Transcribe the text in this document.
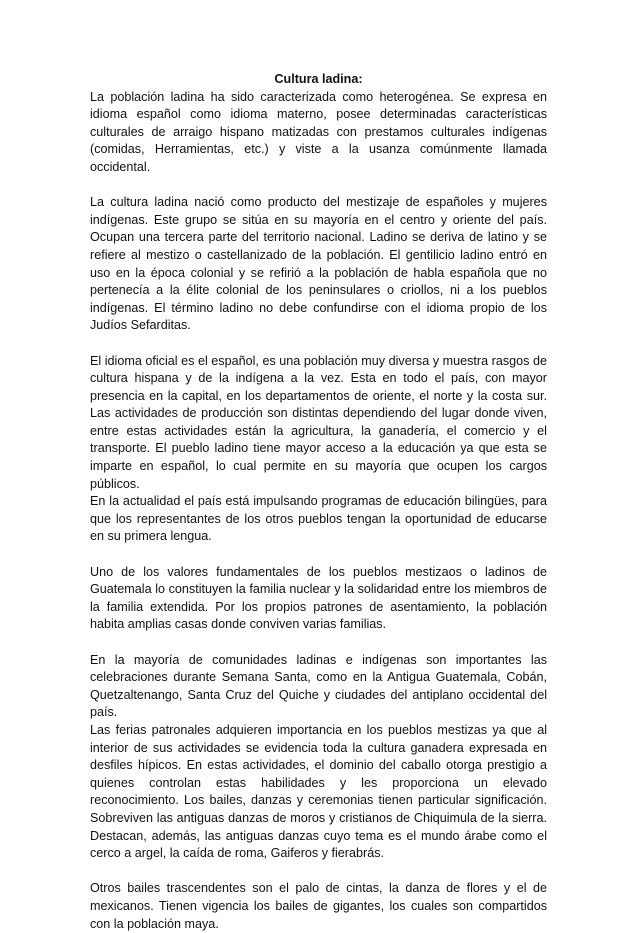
Cultura ladina:

La población ladina ha sido caracterizada como heterogénea. Se expresa en idioma español como idioma materno, posee determinadas características culturales de arraigo hispano matizadas con prestamos culturales indígenas (comidas, Herramientas, etc.) y viste a la usanza comúnmente llamada occidental.

La cultura ladina nació como producto del mestizaje de españoles y mujeres indígenas. Este grupo se sitúa en su mayoría en el centro y oriente del país. Ocupan una tercera parte del territorio nacional. Ladino se deriva de latino y se refiere al mestizo o castellanizado de la población. El gentilicio ladino entró en uso en la época colonial y se refirió a la población de habla española que no pertenecía a la élite colonial de los peninsulares o criollos, ni a los pueblos indígenas. El término ladino no debe confundirse con el idioma propio de los Judíos Sefarditas.

El idioma oficial es el español, es una población muy diversa y muestra rasgos de cultura hispana y de la indígena a la vez. Esta en todo el país, con mayor presencia en la capital, en los departamentos de oriente, el norte y la costa sur. Las actividades de producción son distintas dependiendo del lugar donde viven, entre estas actividades están la agricultura, la ganadería, el comercio y el transporte. El pueblo ladino tiene mayor acceso a la educación ya que esta se imparte en español, lo cual permite en su mayoría que ocupen los cargos públicos.

En la actualidad el país está impulsando programas de educación bilingües, para que los representantes de los otros pueblos tengan la oportunidad de educarse en su primera lengua.

Uno de los valores fundamentales de los pueblos mestizaos o ladinos de Guatemala lo constituyen la familia nuclear y la solidaridad entre los miembros de la familia extendida. Por los propios patrones de asentamiento, la población habita amplias casas donde conviven varias familias.

En la mayoría de comunidades ladinas e indígenas son importantes las celebraciones durante Semana Santa, como en la Antigua Guatemala, Cobán, Quetzaltenango, Santa Cruz del Quiche y ciudades del antiplano occidental del país.

Las ferias patronales adquieren importancia en los pueblos mestizas ya que al interior de sus actividades se evidencia toda la cultura ganadera expresada en desfiles hípicos. En estas actividades, el dominio del caballo otorga prestigio a quienes controlan estas habilidades y les proporciona un elevado reconocimiento. Los bailes, danzas y ceremonias tienen particular significación. Sobreviven las antiguas danzas de moros y cristianos de Chiquimula de la sierra. Destacan, además, las antiguas danzas cuyo tema es el mundo árabe como el cerco a argel, la caída de roma, Gaiferos y fierabrás.

Otros bailes trascendentes son el palo de cintas, la danza de flores y el de mexicanos. Tienen vigencia los bailes de gigantes, los cuales son compartidos con la población maya.
